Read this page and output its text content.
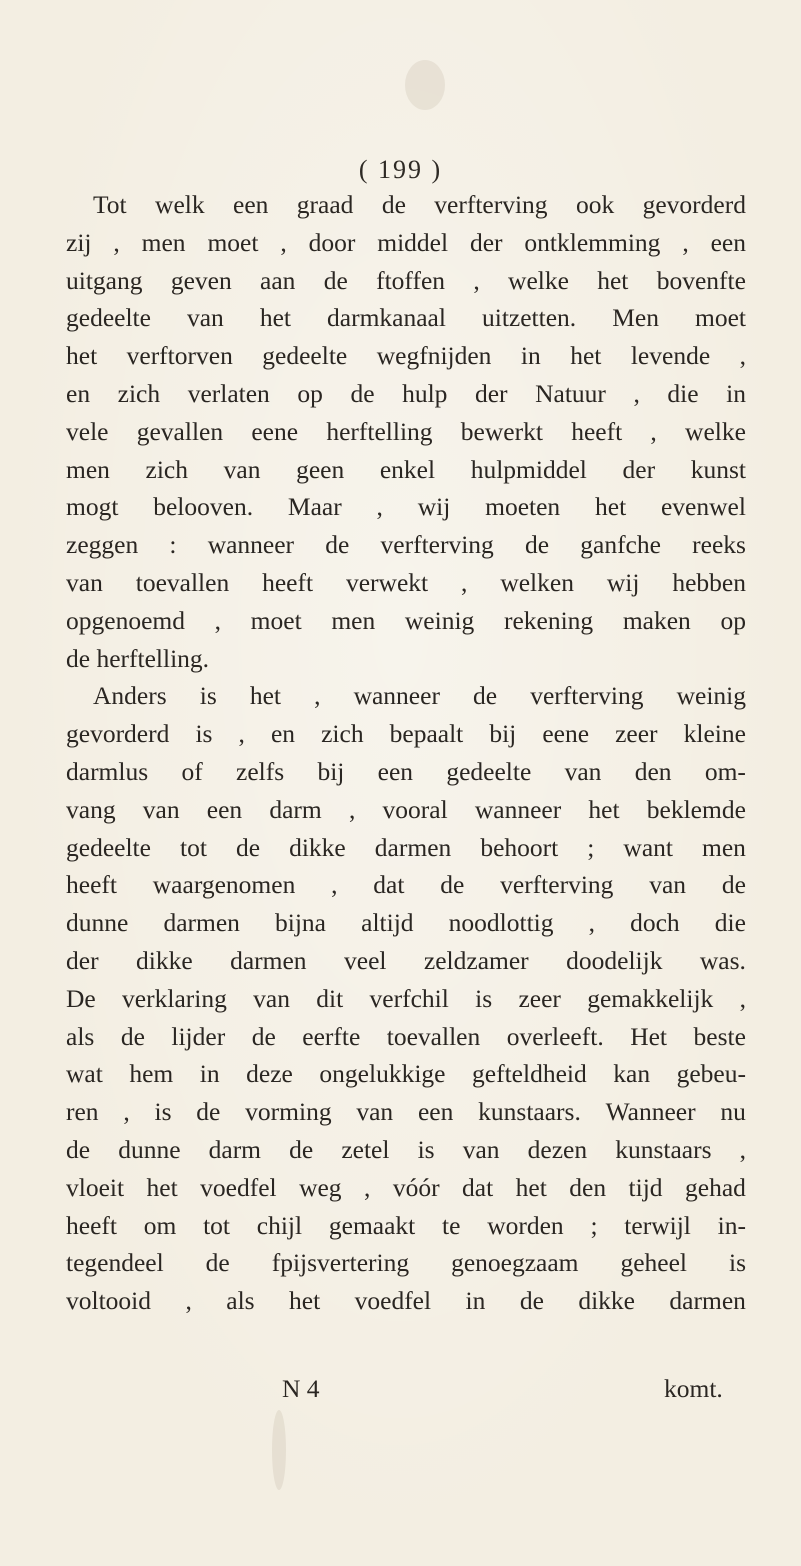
( 199 )
Tot welk een graad de verfterving ook gevorderd
zij , men moet , door middel der ontklemming , een
uitgang geven aan de ftoffen , welke het bovenfte
gedeelte van het darmkanaal uitzetten. Men moet
het verftorven gedeelte wegfnijden in het levende ,
en zich verlaten op de hulp der Natuur , die in
vele gevallen eene herftelling bewerkt heeft , welke
men zich van geen enkel hulpmiddel der kunst
mogt belooven. Maar , wij moeten het evenwel
zeggen : wanneer de verfterving de ganfche reeks
van toevallen heeft verwekt , welken wij hebben
opgenoemd , moet men weinig rekening maken op
de herftelling.
Anders is het , wanneer de verfterving weinig
gevorderd is , en zich bepaalt bij eene zeer kleine
darmlus of zelfs bij een gedeelte van den om-
vang van een darm , vooral wanneer het beklemde
gedeelte tot de dikke darmen behoort ; want men
heeft waargenomen , dat de verfterving van de
dunne darmen bijna altijd noodlottig , doch die
der dikke darmen veel zeldzamer doodelijk was.
De verklaring van dit verfchil is zeer gemakkelijk ,
als de lijder de eerfte toevallen overleeft. Het beste
wat hem in deze ongelukkige gefteldheid kan gebeu-
ren , is de vorming van een kunstaars. Wanneer nu
de dunne darm de zetel is van dezen kunstaars ,
vloeit het voedfel weg , vóór dat het den tijd gehad
heeft om tot chijl gemaakt te worden ; terwijl in-
tegendeel de fpijsvertering genoegzaam geheel is
voltooid , als het voedfel in de dikke darmen
N 4	komt.
